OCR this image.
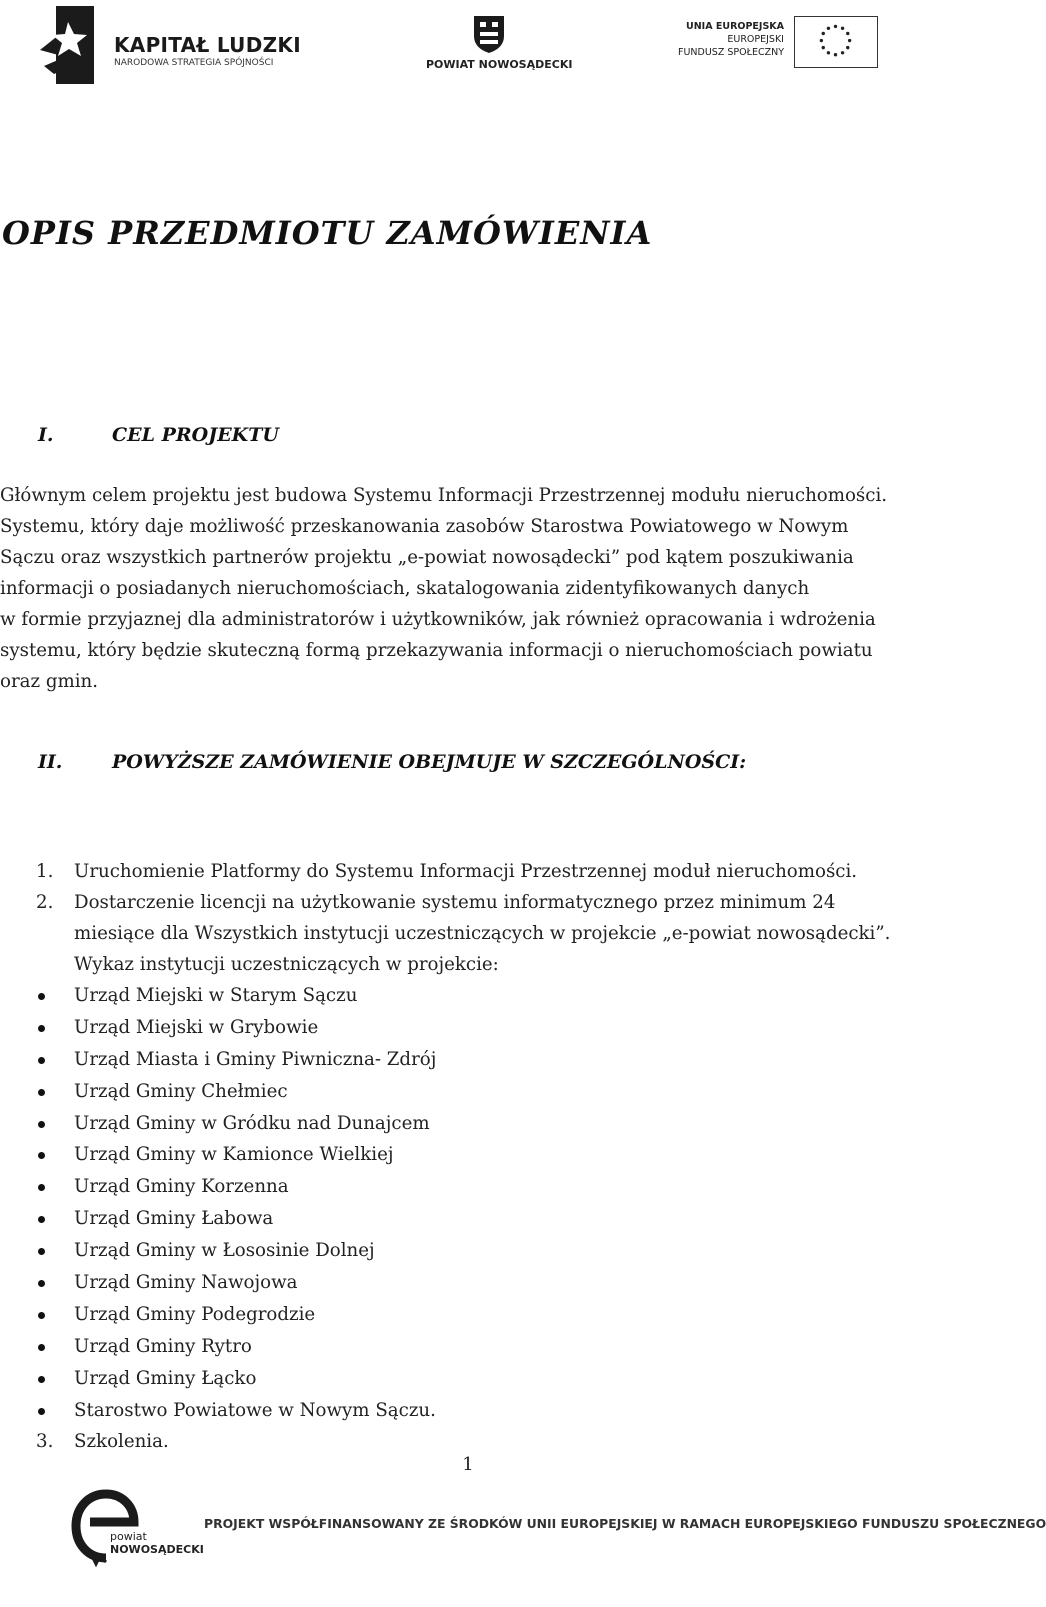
KAPITAŁ LUDZKI
NARODOWA STRATEGIA SPÓJNOŚCI	POWIAT NOWOSĄDECKI
UNIA EUROPEJSKA
EUROPEJSKI
FUNDUSZ SPOŁECZNY
OPIS PRZEDMIOTU ZAMÓWIENIA
I.	CEL PROJEKTU
Głównym celem projektu jest budowa Systemu Informacji Przestrzennej modułu nieruchomości.
Systemu, który daje możliwość przeskanowania zasobów Starostwa Powiatowego w Nowym
Sączu oraz wszystkich partnerów projektu „e-powiat nowosądecki” pod kątem poszukiwania
informacji o posiadanych nieruchomościach, skatalogowania zidentyfikowanych danych
w formie przyjaznej dla administratorów i użytkowników, jak również opracowania i wdrożenia
systemu, który będzie skuteczną formą przekazywania informacji o nieruchomościach powiatu
oraz gmin.
II.	POWYŻSZE ZAMÓWIENIE OBEJMUJE W SZCZEGÓLNOŚCI:
1. Uruchomienie Platformy do Systemu Informacji Przestrzennej moduł nieruchomości.
2. Dostarczenie licencji na użytkowanie systemu informatycznego przez minimum 24
miesiące dla Wszystkich instytucji uczestniczących w projekcie „e-powiat nowosądecki”.
Wykaz instytucji uczestniczących w projekcie:
Urząd Miejski w Starym Sączu
Urząd Miejski w Grybowie
Urząd Miasta i Gminy Piwniczna- Zdrój
Urząd Gminy Chełmiec
Urząd Gminy w Gródku nad Dunajcem
Urząd Gminy w Kamionce Wielkiej
Urząd Gminy Korzenna
Urząd Gminy Łabowa
Urząd Gminy w Łososinie Dolnej
Urząd Gminy Nawojowa
Urząd Gminy Podegrodzie
Urząd Gminy Rytro
Urząd Gminy Łącko
Starostwo Powiatowe w Nowym Sączu.
3. Szkolenia.
1
powiat
NOWOSĄDECKI
PROJEKT WSPÓŁFINANSOWANY ZE ŚRODKÓW UNII EUROPEJSKIEJ W RAMACH EUROPEJSKIEGO FUNDUSZU SPOŁECZNEGO
